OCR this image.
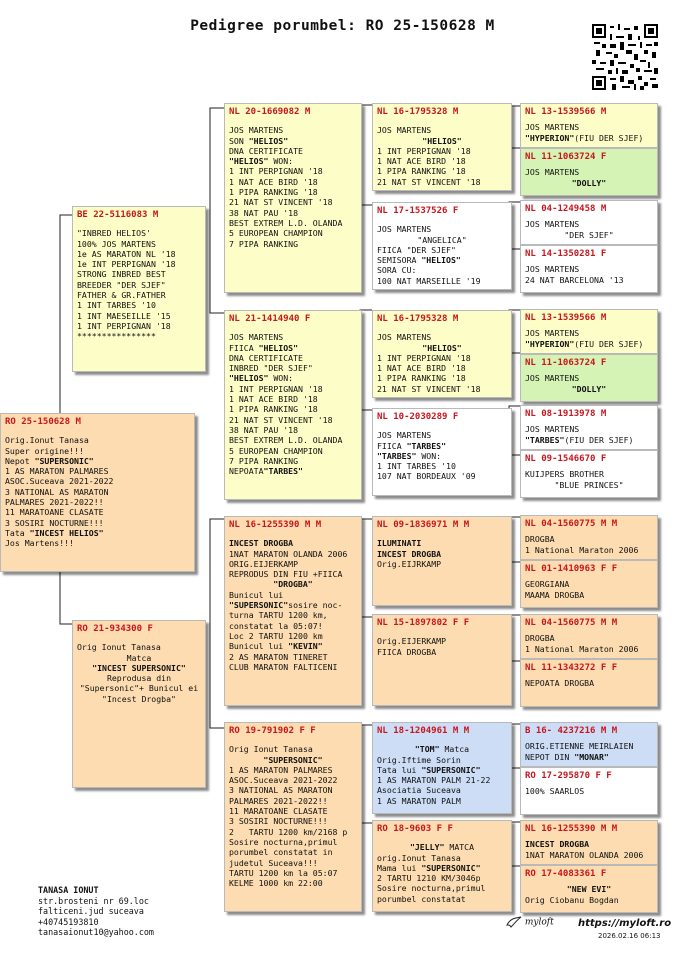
Pedigree porumbel: RO 25-150628 M
RO 25-150628 M
Orig.Ionut Tanasa
Super origine!!!
Nepot "SUPERSONIC"
1 AS MARATON PALMARES
ASOC.Suceava 2021-2022
3 NATIONAL AS MARATON
PALMARES 2021-2022!!
11 MARATOANE CLASATE
3 SOSIRI NOCTURNE!!!
Tata "INCEST HELIOS"
Jos Martens!!!
BE 22-5116083 M
"INBRED HELIOS'
100% JOS MARTENS
1e AS MARATON NL '18
1e INT PERPIGNAN '18
STRONG INBRED BEST
BREEDER "DER SJEF"
FATHER & GR.FATHER
1 INT TARBES '10
1 INT MAESEILLE '15
1 INT PERPIGNAN '18
****************
RO 21-934300 F
Orig Ionut Tanasa
Matca
"INCEST SUPERSONIC"
Reprodusa din
"Supersonic"+ Bunicul ei
"Incest Drogba"
NL 20-1669082 M
JOS MARTENS
SON "HELIOS"
DNA CERTIFICATE
"HELIOS" WON:
1 INT PERPIGNAN '18
1 NAT ACE BIRD '18
1 PIPA RANKING '18
21 NAT ST VINCENT '18
38 NAT PAU '18
BEST EXTREM L.D. OLANDA
5 EUROPEAN CHAMPION
7 PIPA RANKING
NL 21-1414940 F
JOS MARTENS
FIICA "HELIOS"
DNA CERTIFICATE
INBRED "DER SJEF"
"HELIOS" WON:
1 INT PERPIGNAN '18
1 NAT ACE BIRD '18
1 PIPA RANKING '18
21 NAT ST VINCENT '18
38 NAT PAU '18
BEST EXTREM L.D. OLANDA
5 EUROPEAN CHAMPION
7 PIPA RANKING
NEPOATA"TARBES"
NL 16-1255390 M M
INCEST DROGBA
1NAT MARATON OLANDA 2006
ORIG.EIJERKAMP
REPRODUS DIN FIU +FIICA
"DROGBA"
Bunicul lui
"SUPERSONIC"sosire noc-
turna TARTU 1200 km,
constatat la 05:07!
Loc 2 TARTU 1200 km
Bunicul lui "KEVIN"
2 AS MARATON TINERET
CLUB MARATON FALTICENI
RO 19-791902 F F
Orig Ionut Tanasa
"SUPERSONIC"
1 AS MARATON PALMARES
ASOC.Suceava 2021-2022
3 NATIONAL AS MARATON
PALMARES 2021-2022!!
11 MARATOANE CLASATE
3 SOSIRI NOCTURNE!!!
2   TARTU 1200 km/2168 p
Sosire nocturna,primul
porumbel constatat in
judetul Suceava!!!
TARTU 1200 km la 05:07
KELME 1000 km 22:00
NL 16-1795328 M
JOS MARTENS
"HELIOS"
1 INT PERPIGNAN '18
1 NAT ACE BIRD '18
1 PIPA RANKING '18
21 NAT ST VINCENT '18
NL 17-1537526 F
JOS MARTENS
"ANGELICA"
FIICA "DER SJEF"
SEMISORA "HELIOS"
SORA CU:
100 NAT MARSEILLE '19
NL 16-1795328 M
JOS MARTENS
"HELIOS"
1 INT PERPIGNAN '18
1 NAT ACE BIRD '18
1 PIPA RANKING '18
21 NAT ST VINCENT '18
NL 10-2030289 F
JOS MARTENS
FIICA "TARBES"
"TARBES" WON:
1 INT TARBES '10
107 NAT BORDEAUX '09
NL 09-1836971 M M
ILUMINATI
INCEST DROGBA
Orig.EIJRKAMP
NL 15-1897802 F F
Orig.EIJERKAMP
FIICA DROGBA
NL 18-1204961 M M
"TOM" Matca
Orig.Iftime Sorin
Tata lui "SUPERSONIC"
1 AS MARATON PALM 21-22
Asociatia Suceava
1 AS MARATON PALM
RO 18-9603 F F
"JELLY" MATCA
orig.Ionut Tanasa
Mama lui "SUPERSONIC"
2 TARTU 1210 KM/3046p
Sosire nocturna,primul
porumbel constatat
NL 13-1539566 M
JOS MARTENS
"HYPERION"(FIU DER SJEF)
NL 11-1063724 F
JOS MARTENS
"DOLLY"
NL 04-1249458 M
JOS MARTENS
"DER SJEF"
NL 14-1350281 F
JOS MARTENS
24 NAT BARCELONA '13
NL 13-1539566 M
JOS MARTENS
"HYPERION"(FIU DER SJEF)
NL 11-1063724 F
JOS MARTENS
"DOLLY"
NL 08-1913978 M
JOS MARTENS
"TARBES"(FIU DER SJEF)
NL 09-1546670 F
KUIJPERS BROTHER
"BLUE PRINCES"
NL 04-1560775 M M
DROGBA
1 National Maraton 2006
NL 01-1410963 F F
GEORGIANA
MAAMA DROGBA
NL 04-1560775 M M
DROGBA
1 National Maraton 2006
NL 11-1343272 F F
NEPOATA DROGBA
B 16- 4237216 M M
ORIG.ETIENNE MEIRLAIEN
NEPOT DIN "MONAR"
RO 17-295870 F F
100% SAARLOS
NL 16-1255390 M M
INCEST DROGBA
1NAT MARATON OLANDA 2006
RO 17-4083361 F
"NEW EVI"
Orig Ciobanu Bogdan
TANASA IONUT
str.brosteni nr 69.loc
falticeni.jud suceava
+40745193810
tanasaionut10@yahoo.com
myloft https://myloft.ro
2026.02.16 06:13
